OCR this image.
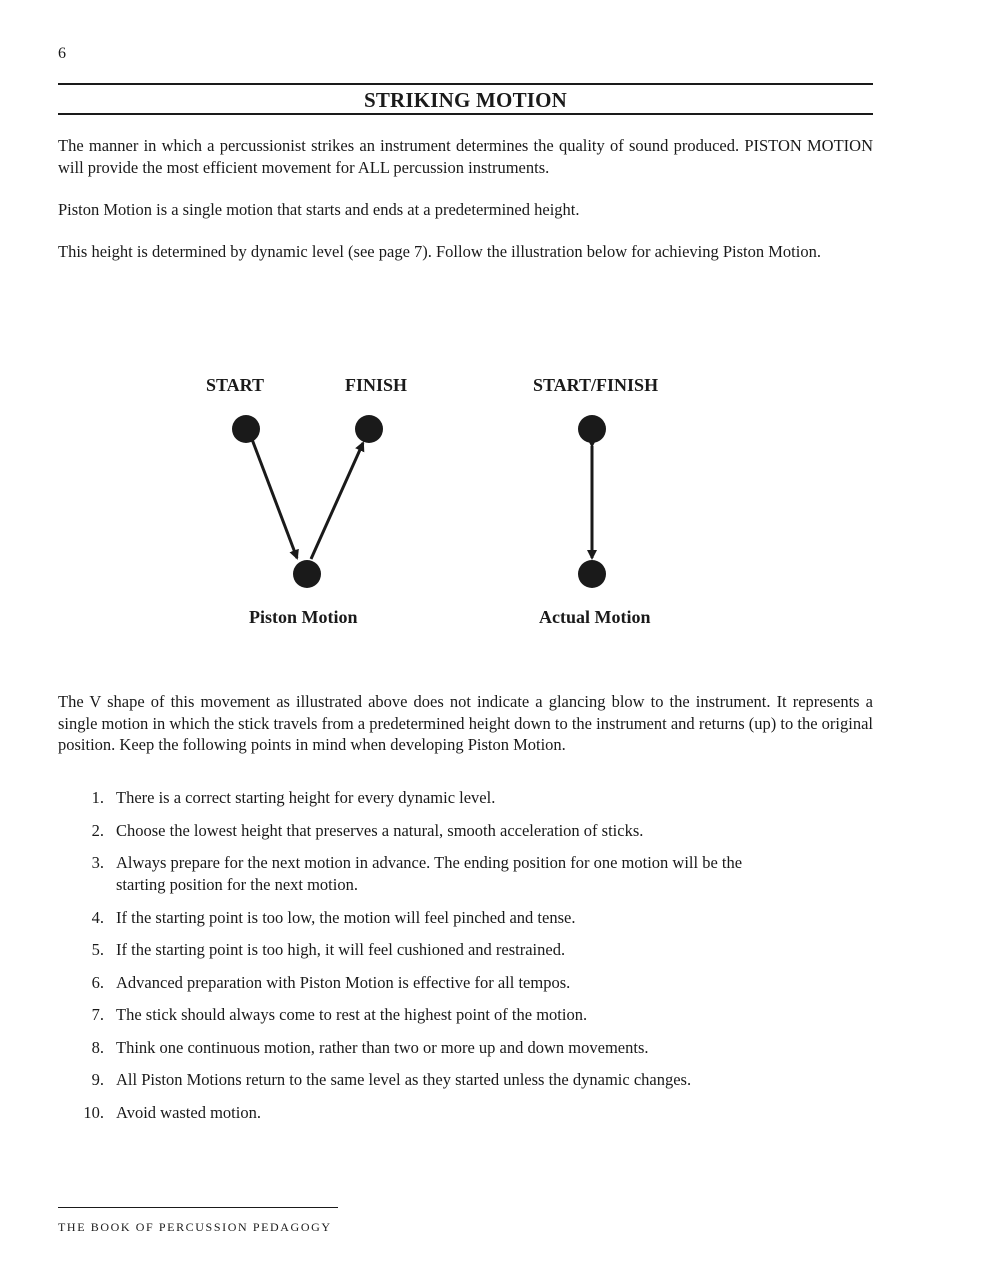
6
STRIKING MOTION

The manner in which a percussionist strikes an instrument determines the quality of sound produced. PISTON MOTION will provide the most efficient movement for ALL percussion instruments.

Piston Motion is a single motion that starts and ends at a predetermined height.

This height is determined by dynamic level (see page 7). Follow the illustration below for achieving Piston Motion.

START	FINISH	START/FINISH
Piston Motion	Actual Motion

The V shape of this movement as illustrated above does not indicate a glancing blow to the instrument. It represents a single motion in which the stick travels from a predetermined height down to the instrument and returns (up) to the original position. Keep the following points in mind when developing Piston Motion.

1. There is a correct starting height for every dynamic level.
2. Choose the lowest height that preserves a natural, smooth acceleration of sticks.
3. Always prepare for the next motion in advance. The ending position for one motion will be the starting position for the next motion.
4. If the starting point is too low, the motion will feel pinched and tense.
5. If the starting point is too high, it will feel cushioned and restrained.
6. Advanced preparation with Piston Motion is effective for all tempos.
7. The stick should always come to rest at the highest point of the motion.
8. Think one continuous motion, rather than two or more up and down movements.
9. All Piston Motions return to the same level as they started unless the dynamic changes.
10. Avoid wasted motion.
THE BOOK OF PERCUSSION PEDAGOGY
